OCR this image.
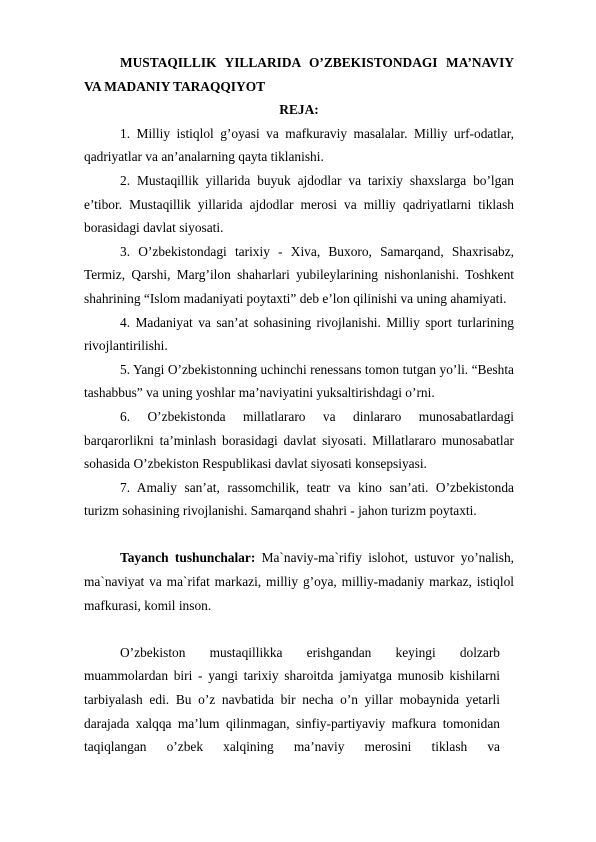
MUSTAQILLIK YILLARIDA O’ZBEKISTONDAGI MA’NAVIY VA MADANIY TARAQQIYOT

REJA:

1. Milliy istiqlol g’oyasi va mafkuraviy masalalar. Milliy urf-odatlar, qadriyatlar va an’analarning qayta tiklanishi.

2. Mustaqillik yillarida buyuk ajdodlar va tarixiy shaxslarga bo’lgan e’tibor. Mustaqillik yillarida ajdodlar merosi va milliy qadriyatlarni tiklash borasidagi davlat siyosati.

3. O’zbekistondagi tarixiy - Xiva, Buxoro, Samarqand, Shaxrisabz, Termiz, Qarshi, Marg’ilon shaharlari yubileylarining nishonlanishi. Toshkent shahrining “Islom madaniyati poytaxti” deb e’lon qilinishi va uning ahamiyati.

4. Madaniyat va san’at sohasining rivojlanishi. Milliy sport turlarining rivojlantirilishi.

5. Yangi O’zbekistonning uchinchi renessans tomon tutgan yo’li. “Beshta tashabbus” va uning yoshlar ma’naviyatini yuksaltirishdagi o’rni.

6. O’zbekistonda millatlararo va dinlararo munosabatlardagi barqarorlikni ta’minlash borasidagi davlat siyosati. Millatlararo munosabatlar sohasida O’zbekiston Respublikasi davlat siyosati konsepsiyasi.

7. Amaliy san’at, rassomchilik, teatr va kino san’ati. O’zbekistonda turizm sohasining rivojlanishi. Samarqand shahri - jahon turizm poytaxti.

Tayanch tushunchalar: Ma`naviy-ma`rifiy islohot, ustuvor yo’nalish, ma`naviyat va ma`rifat markazi, milliy g’oya, milliy-madaniy markaz, istiqlol mafkurasi, komil inson.

O’zbekiston mustaqillikka erishgandan keyingi dolzarb muammolardan biri - yangi tarixiy sharoitda jamiyatga munosib kishilarni tarbiyalash edi. Bu o’z navbatida bir necha o’n yillar mobaynida yetarli darajada xalqqa ma’lum qilinmagan, sinfiy-partiyaviy mafkura tomonidan taqiqlangan o’zbek xalqining ma’naviy merosini tiklash va
